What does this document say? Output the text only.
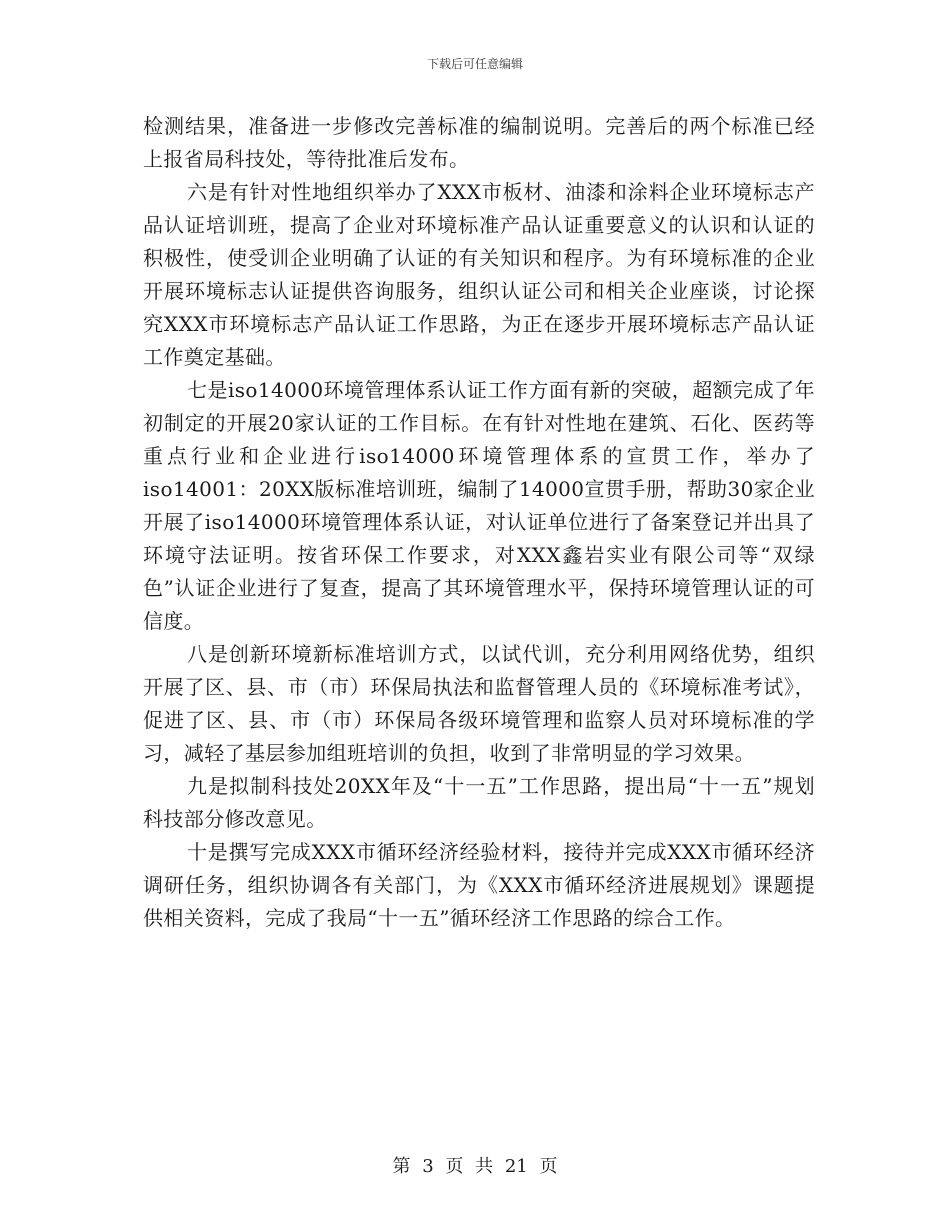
下载后可任意编辑

检测结果，准备进一步修改完善标准的编制说明。完善后的两个标准已经上报省局科技处，等待批准后发布。

六是有针对性地组织举办了XXX市板材、油漆和涂料企业环境标志产品认证培训班，提高了企业对环境标准产品认证重要意义的认识和认证的积极性，使受训企业明确了认证的有关知识和程序。为有环境标准的企业开展环境标志认证提供咨询服务，组织认证公司和相关企业座谈，讨论探究XXX市环境标志产品认证工作思路，为正在逐步开展环境标志产品认证工作奠定基础。

七是iso14000环境管理体系认证工作方面有新的突破，超额完成了年初制定的开展20家认证的工作目标。在有针对性地在建筑、石化、医药等重点行业和企业进行iso14000环境管理体系的宣贯工作，举办了iso14001：20XX版标准培训班，编制了14000宣贯手册，帮助30家企业开展了iso14000环境管理体系认证，对认证单位进行了备案登记并出具了环境守法证明。按省环保工作要求，对XXX鑫岩实业有限公司等“双绿色”认证企业进行了复查，提高了其环境管理水平，保持环境管理认证的可信度。

八是创新环境新标准培训方式，以试代训，充分利用网络优势，组织开展了区、县、市（市）环保局执法和监督管理人员的《环境标准考试》，促进了区、县、市（市）环保局各级环境管理和监察人员对环境标准的学习，减轻了基层参加组班培训的负担，收到了非常明显的学习效果。

九是拟制科技处20XX年及“十一五”工作思路，提出局“十一五”规划科技部分修改意见。

十是撰写完成XXX市循环经济经验材料，接待并完成XXX市循环经济调研任务，组织协调各有关部门，为《XXX市循环经济进展规划》课题提供相关资料，完成了我局“十一五”循环经济工作思路的综合工作。

第 3 页 共 21 页
